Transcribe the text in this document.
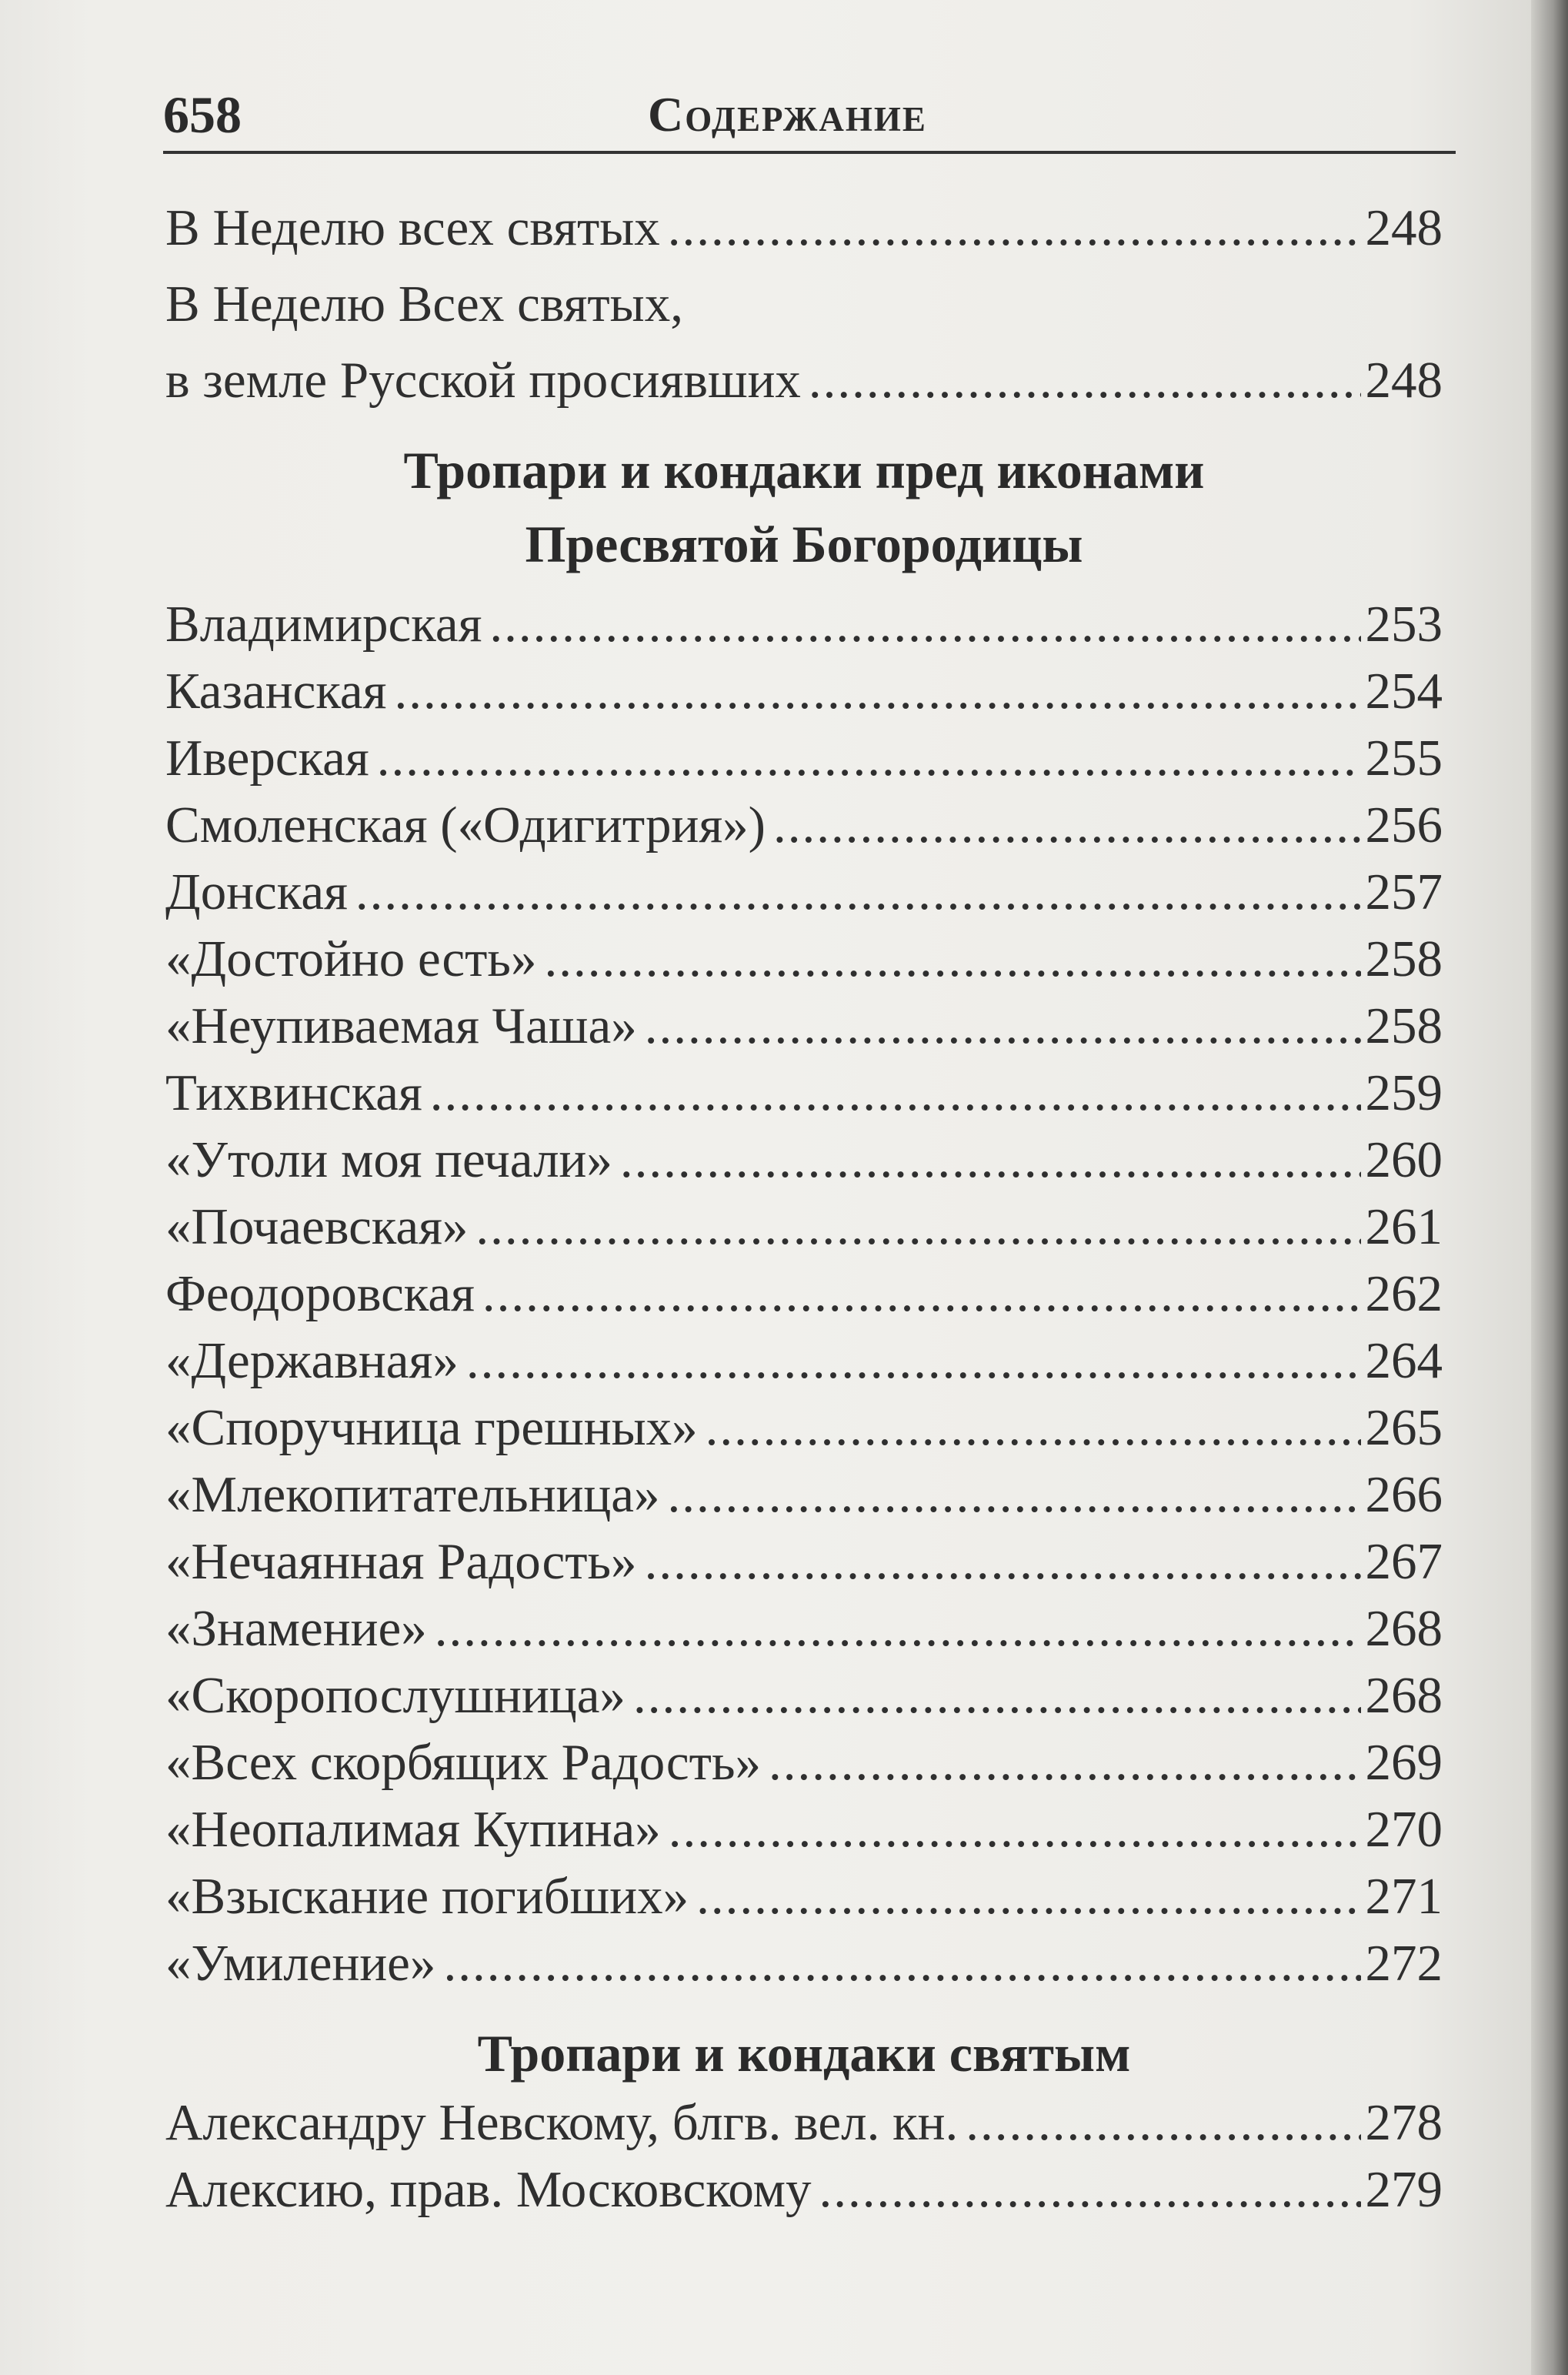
658	Содержание
В Неделю всех святых .....	248
В Неделю Всех святых,
в земле Русской просиявших .....	248
Тропари и кондаки пред иконами
Пресвятой Богородицы
Владимирская .....	253
Казанская .....	254
Иверская .....	255
Смоленская («Одигитрия») .....	256
Донская .....	257
«Достойно есть» .....	258
«Неупиваемая Чаша» .....	258
Тихвинская .....	259
«Утоли моя печали» .....	260
«Почаевская» .....	261
Феодоровская .....	262
«Державная» .....	264
«Споручница грешных» .....	265
«Млекопитательница» .....	266
«Нечаянная Радость» .....	267
«Знамение» .....	268
«Скоропослушница» .....	268
«Всех скорбящих Радость» .....	269
«Неопалимая Купина» .....	270
«Взыскание погибших» .....	271
«Умиление» .....	272
Тропари и кондаки святым
Александру Невскому, блгв. вел. кн. .....	278
Алексию, прав. Московскому .....	279
